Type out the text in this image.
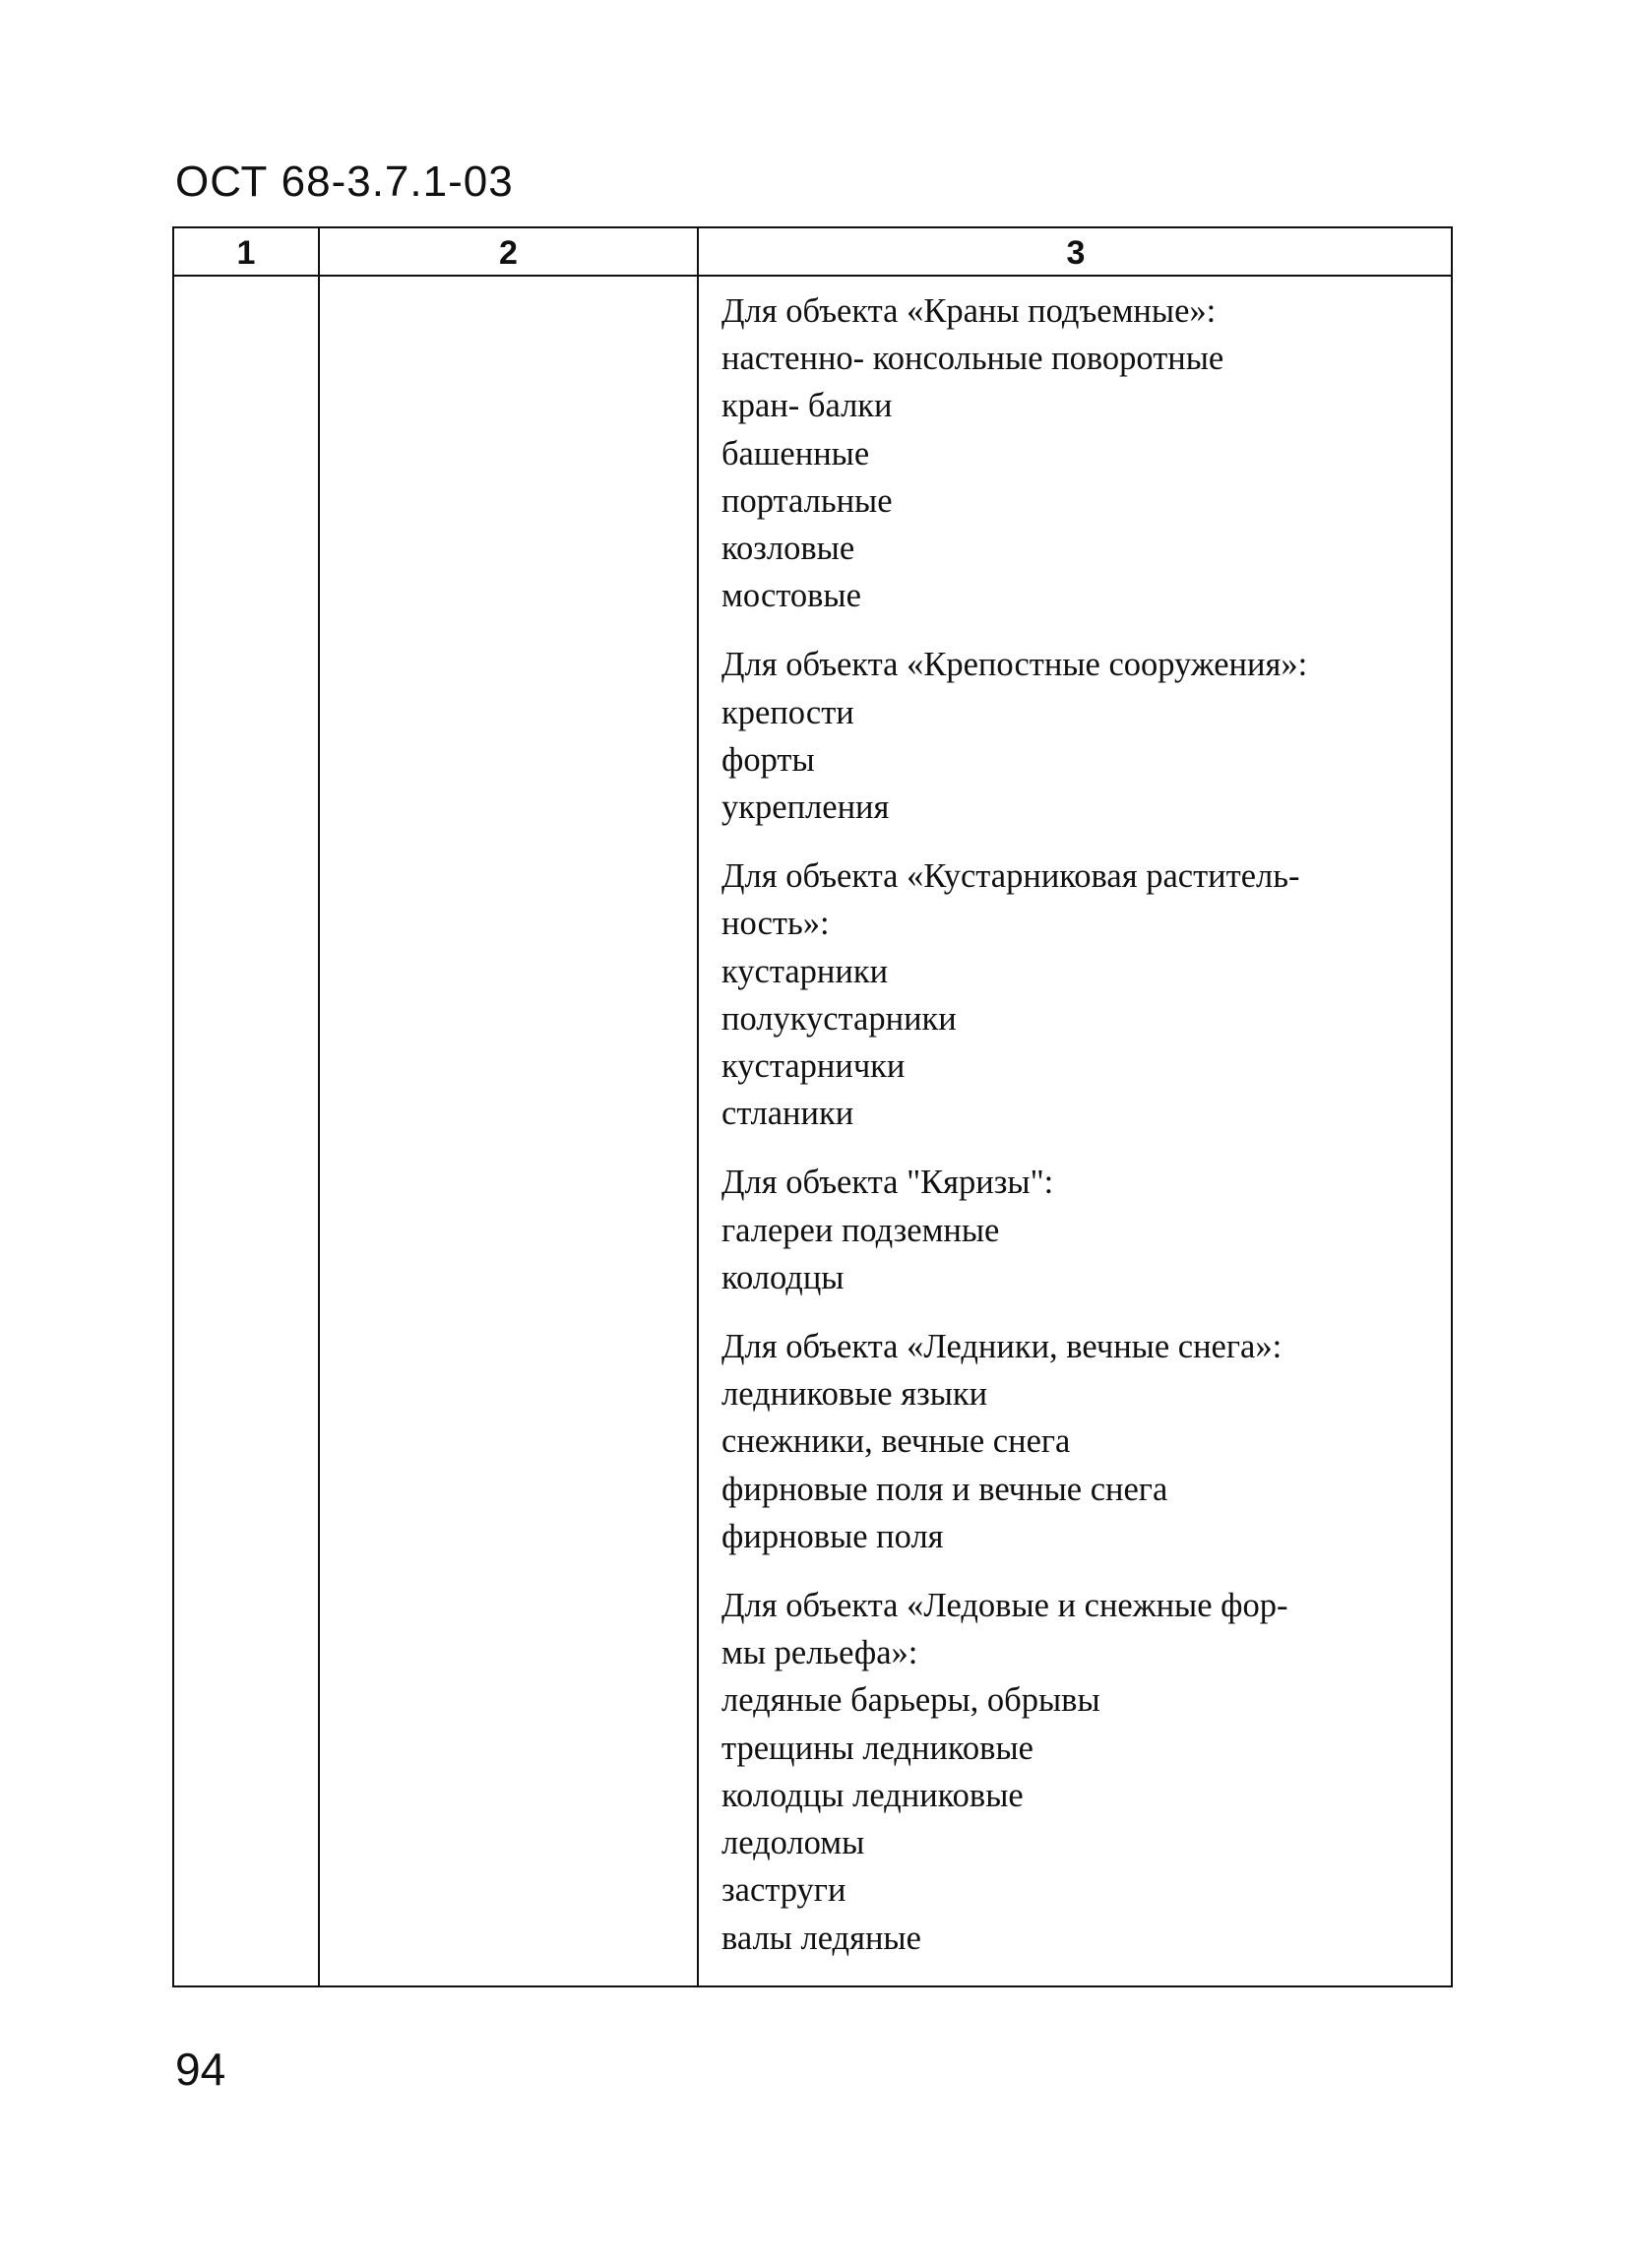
ОСТ 68-3.7.1-03
1	2	3
Для объекта «Краны подъемные»:
настенно- консольные поворотные
кран- балки
башенные
портальные
козловые
мостовые
Для объекта «Крепостные сооружения»:
крепости
форты
укрепления
Для объекта «Кустарниковая раститель-
ность»:
кустарники
полукустарники
кустарнички
стланики
Для объекта "Кяризы":
галереи подземные
колодцы
Для объекта «Ледники, вечные снега»:
ледниковые языки
снежники, вечные снега
фирновые поля и вечные снега
фирновые поля
Для объекта «Ледовые и снежные фор-
мы рельефа»:
ледяные барьеры, обрывы
трещины ледниковые
колодцы ледниковые
ледоломы
заструги
валы ледяные
94
